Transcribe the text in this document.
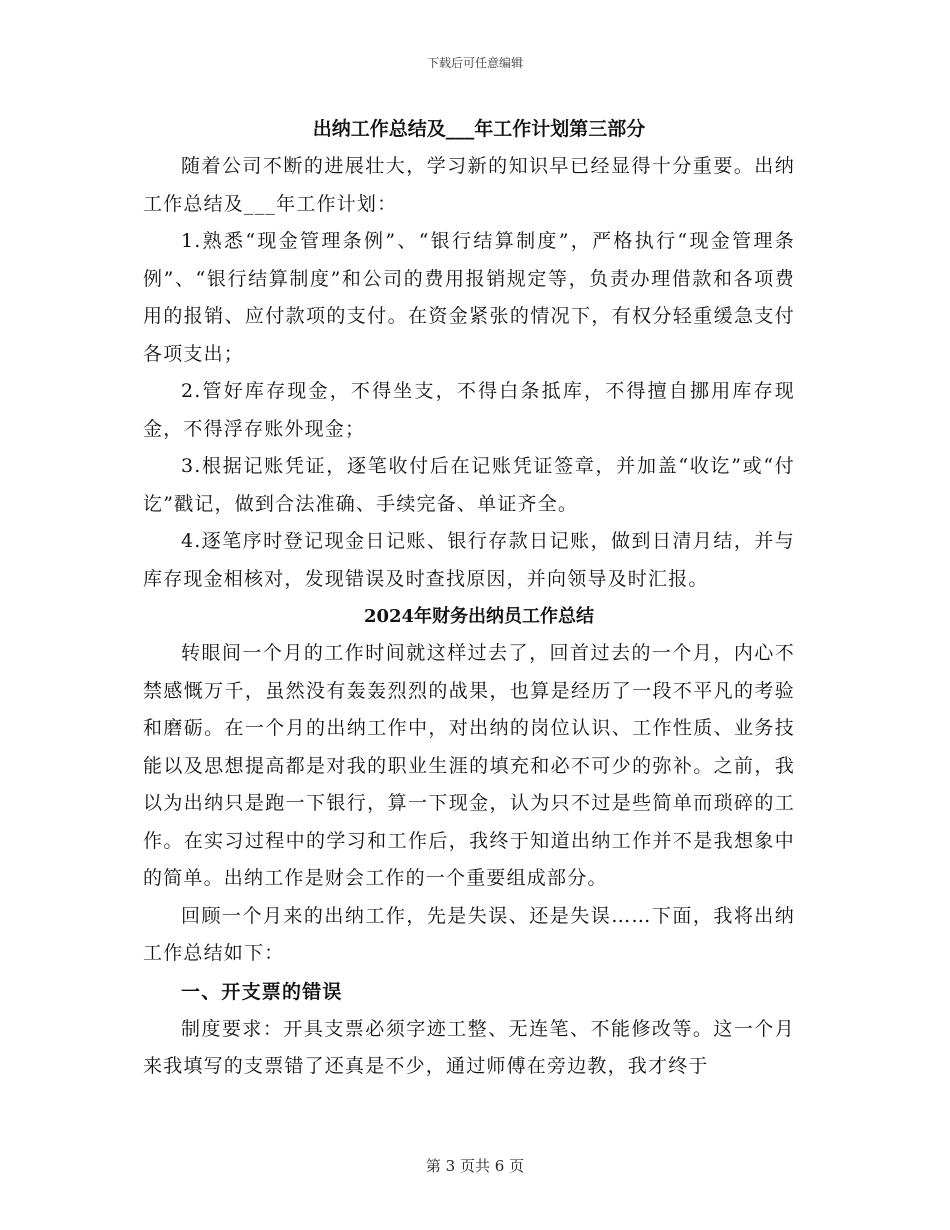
下载后可任意编辑
出纳工作总结及___年工作计划第三部分

随着公司不断的进展壮大，学习新的知识早已经显得十分重要。出纳工作总结及___年工作计划：

1.熟悉“现金管理条例”、“银行结算制度”，严格执行“现金管理条例”、“银行结算制度”和公司的费用报销规定等，负责办理借款和各项费用的报销、应付款项的支付。在资金紧张的情况下，有权分轻重缓急支付各项支出；

2.管好库存现金，不得坐支，不得白条抵库，不得擅自挪用库存现金，不得浮存账外现金；

3.根据记账凭证，逐笔收付后在记账凭证签章，并加盖“收讫”或“付讫”戳记，做到合法准确、手续完备、单证齐全。

4.逐笔序时登记现金日记账、银行存款日记账，做到日清月结，并与库存现金相核对，发现错误及时查找原因，并向领导及时汇报。

2024年财务出纳员工作总结

转眼间一个月的工作时间就这样过去了，回首过去的一个月，内心不禁感慨万千，虽然没有轰轰烈烈的战果，也算是经历了一段不平凡的考验和磨砺。在一个月的出纳工作中，对出纳的岗位认识、工作性质、业务技能以及思想提高都是对我的职业生涯的填充和必不可少的弥补。之前，我以为出纳只是跑一下银行，算一下现金，认为只不过是些简单而琐碎的工作。在实习过程中的学习和工作后，我终于知道出纳工作并不是我想象中的简单。出纳工作是财会工作的一个重要组成部分。

回顾一个月来的出纳工作，先是失误、还是失误……下面，我将出纳工作总结如下：

一、开支票的错误

制度要求：开具支票必须字迹工整、无连笔、不能修改等。这一个月来我填写的支票错了还真是不少，通过师傅在旁边教，我才终于

第 3 页共 6 页
